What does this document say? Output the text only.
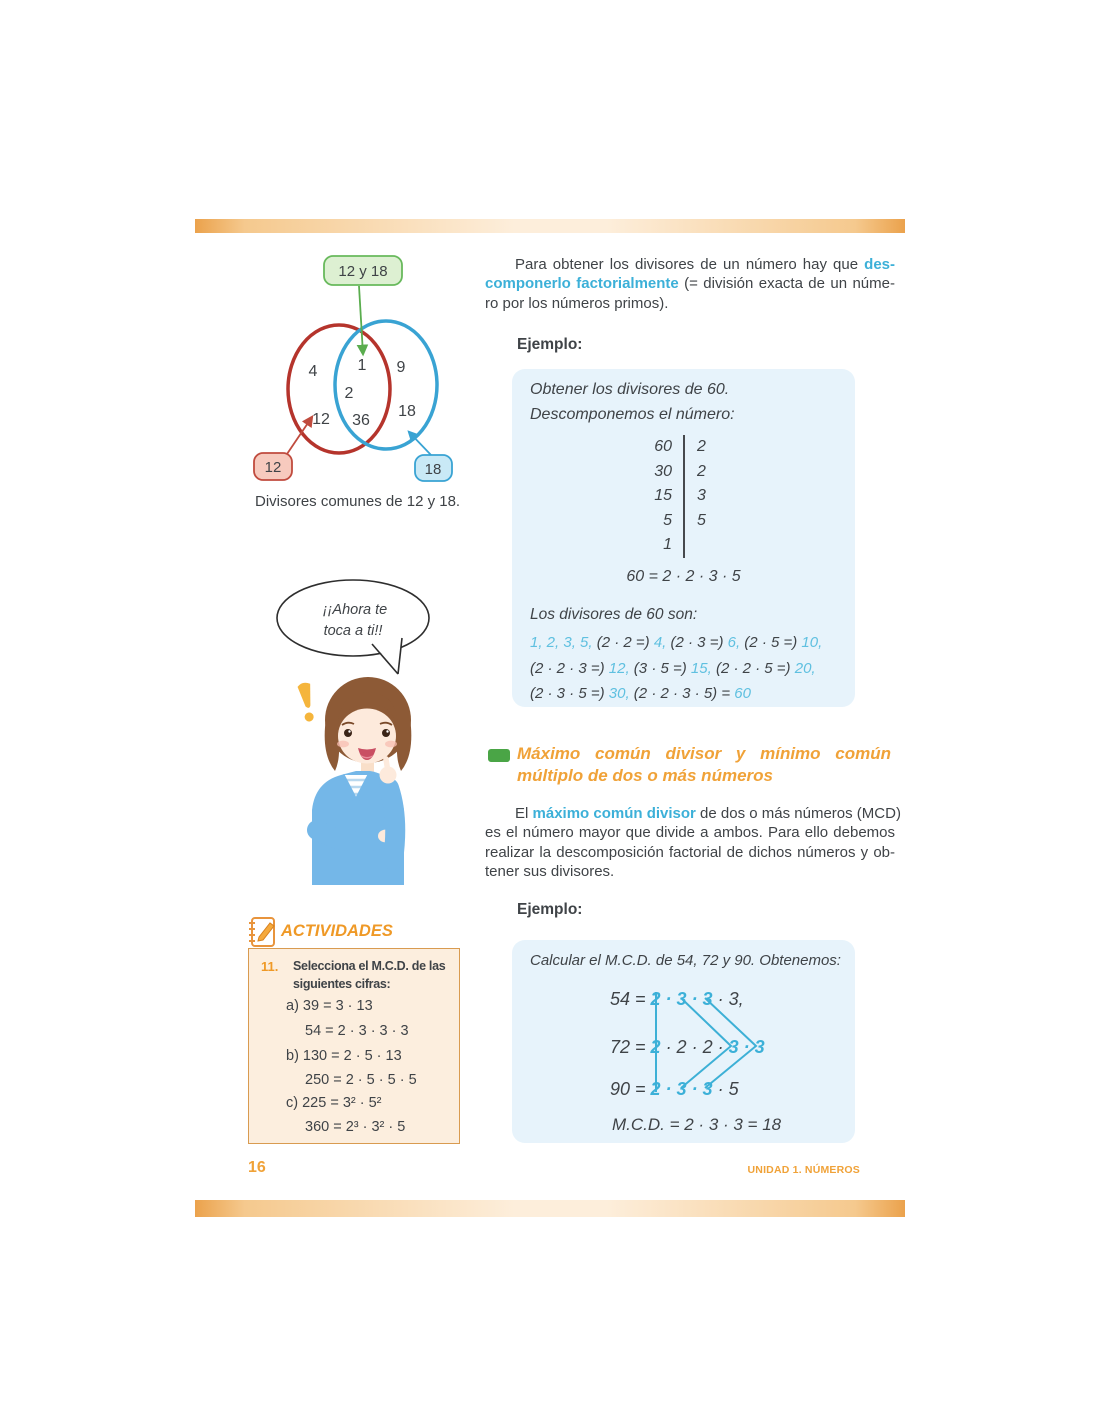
12 y 18
12	18
4
12
1
2
36
9
18
Divisores comunes de 12 y 18.
¡¡Ahora te
toca a ti!!
Para obtener los divisores de un número hay que des-
componerlo factorialmente (= división exacta de un núme-
ro por los números primos).
Ejemplo:
Obtener los divisores de 60.
Descomponemos el número:
60
30
15
5
1
2
2
3
5
60 = 2 · 2 · 3 · 5
Los divisores de 60 son:
1, 2, 3, 5, (2 · 2 =) 4, (2 · 3 =) 6, (2 · 5 =) 10,
(2 · 2 · 3 =) 12, (3 · 5 =) 15, (2 · 2 · 5 =) 20,
(2 · 3 · 5 =) 30, (2 · 2 · 3 · 5) = 60
Máximo común divisor y mínimo común
múltiplo de dos o más números
El máximo común divisor de dos o más números (MCD)
es el número mayor que divide a ambos. Para ello debemos
realizar la descomposición factorial de dichos números y ob-
tener sus divisores.
Ejemplo:
Calcular el M.C.D. de 54, 72 y 90. Obtenemos:
54 = 2 · 3 · 3 · 3,
72 = 2 · 2 · 2 · 3 · 3
90 = 2 · 3 · 3 · 5
M.C.D. = 2 · 3 · 3 = 18
ACTIVIDADES
11. Selecciona el M.C.D. de las
siguientes cifras:
a) 39 = 3 · 13
54 = 2 · 3 · 3 · 3
b) 130 = 2 · 5 · 13
250 = 2 · 5 · 5 · 5
c) 225 = 3² · 5²
360 = 2³ · 3² · 5
16	UNIDAD 1. NÚMEROS
